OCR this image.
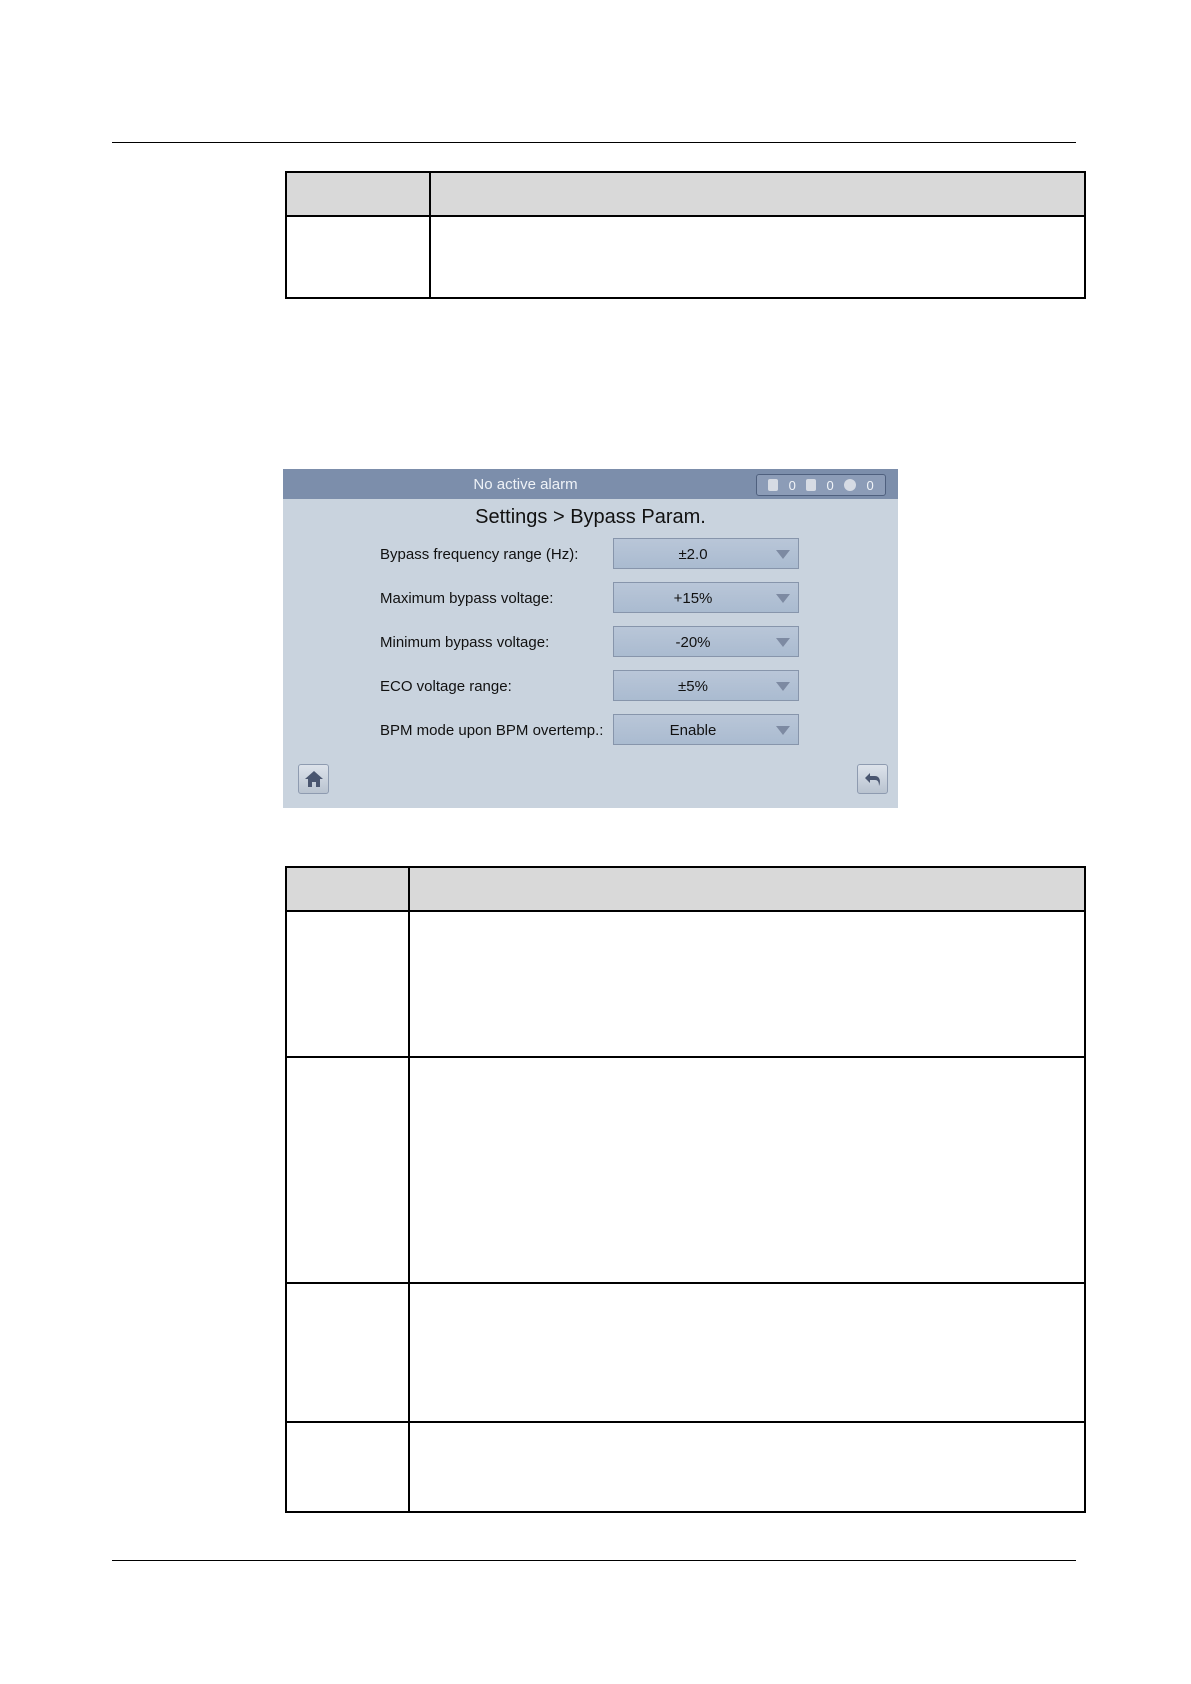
No active alarm	0 0	0
Settings > Bypass Param.
Bypass frequency range (Hz):	±2.0
Maximum bypass voltage:	+15%
Minimum bypass voltage:	-20%
ECO voltage range:	±5%
BPM mode upon BPM overtemp.:	Enable
